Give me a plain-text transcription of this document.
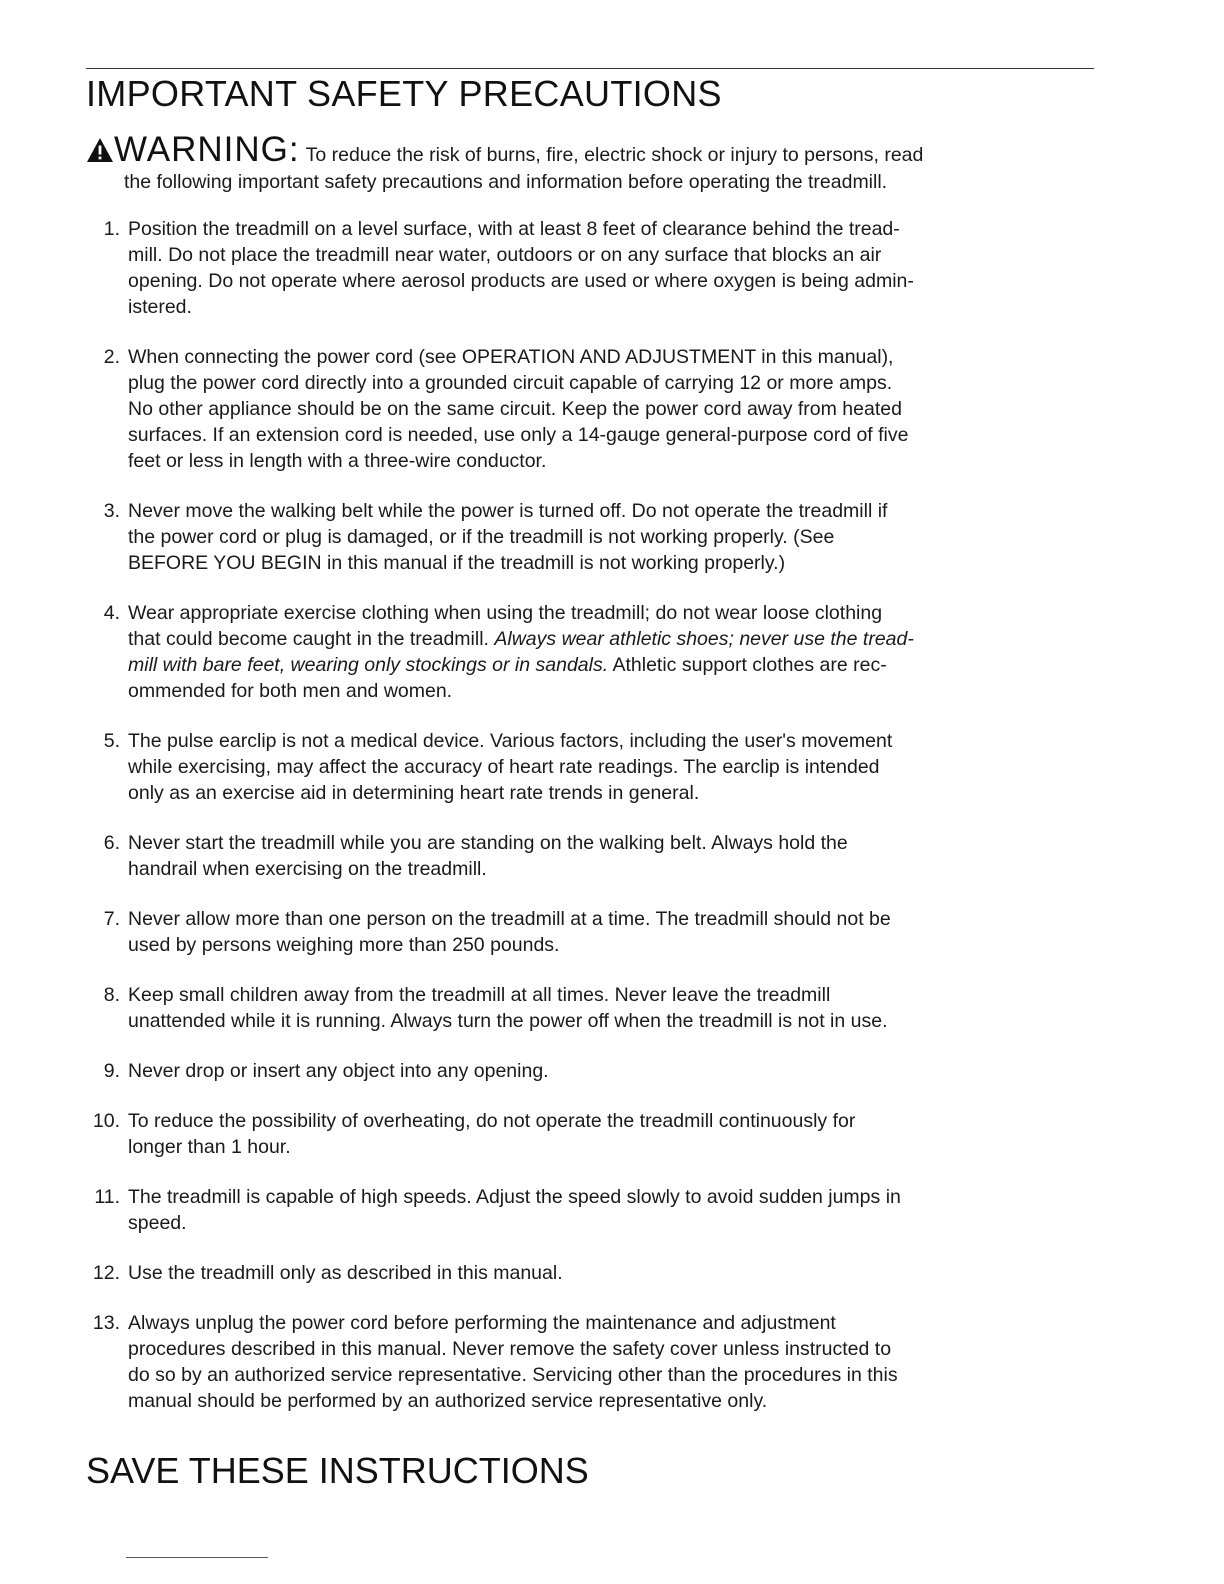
IMPORTANT SAFETY PRECAUTIONS
WARNING: To reduce the risk of burns, fire, electric shock or injury to persons, read
the following important safety precautions and information before operating the treadmill.
1. Position the treadmill on a level surface, with at least 8 feet of clearance behind the tread-
mill. Do not place the treadmill near water, outdoors or on any surface that blocks an air
opening. Do not operate where aerosol products are used or where oxygen is being admin-
istered.
2. When connecting the power cord (see OPERATION AND ADJUSTMENT in this manual),
plug the power cord directly into a grounded circuit capable of carrying 12 or more amps.
No other appliance should be on the same circuit. Keep the power cord away from heated
surfaces. If an extension cord is needed, use only a 14-gauge general-purpose cord of five
feet or less in length with a three-wire conductor.
3. Never move the walking belt while the power is turned off. Do not operate the treadmill if
the power cord or plug is damaged, or if the treadmill is not working properly. (See
BEFORE YOU BEGIN in this manual if the treadmill is not working properly.)
4. Wear appropriate exercise clothing when using the treadmill; do not wear loose clothing
that could become caught in the treadmill. Always wear athletic shoes; never use the tread-
mill with bare feet, wearing only stockings or in sandals. Athletic support clothes are rec-
ommended for both men and women.
5. The pulse earclip is not a medical device. Various factors, including the user's movement
while exercising, may affect the accuracy of heart rate readings. The earclip is intended
only as an exercise aid in determining heart rate trends in general.
6. Never start the treadmill while you are standing on the walking belt. Always hold the
handrail when exercising on the treadmill.
7. Never allow more than one person on the treadmill at a time. The treadmill should not be
used by persons weighing more than 250 pounds.
8. Keep small children away from the treadmill at all times. Never leave the treadmill
unattended while it is running. Always turn the power off when the treadmill is not in use.
9. Never drop or insert any object into any opening.
10. To reduce the possibility of overheating, do not operate the treadmill continuously for
longer than 1 hour.
11. The treadmill is capable of high speeds. Adjust the speed slowly to avoid sudden jumps in
speed.
12. Use the treadmill only as described in this manual.
13. Always unplug the power cord before performing the maintenance and adjustment
procedures described in this manual. Never remove the safety cover unless instructed to
do so by an authorized service representative. Servicing other than the procedures in this
manual should be performed by an authorized service representative only.
SAVE THESE INSTRUCTIONS
